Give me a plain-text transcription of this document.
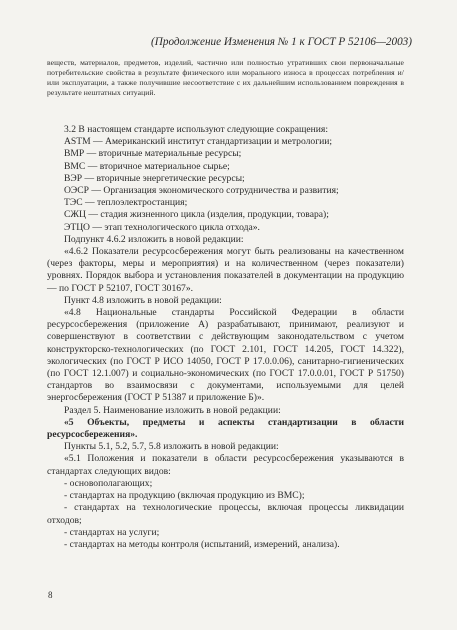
(Продолжение Изменения № 1 к ГОСТ Р 52106—2003)

веществ, материалов, предметов, изделий, частично или полностью утративших свои первоначальные потребительские свойства в результате физического или морального износа в процессах потребления и/или эксплуатации, а также получившие несоответствие с их дальнейшим использованием повреждения в результате нештатных ситуаций.

3.2 В настоящем стандарте используют следующие сокращения:

ASTM — Американский институт стандартизации и метрологии;

ВМР — вторичные материальные ресурсы;

ВМС — вторичное материальное сырье;

ВЭР — вторичные энергетические ресурсы;

ОЭСР — Организация экономического сотрудничества и развития;

ТЭС — теплоэлектростанция;

СЖЦ — стадия жизненного цикла (изделия, продукции, товара);

ЭТЦО — этап технологического цикла отхода».

Подпункт 4.6.2 изложить в новой редакции:

«4.6.2 Показатели ресурсосбережения могут быть реализованы на качественном (через факторы, меры и мероприятия) и на количественном (через показатели) уровнях. Порядок выбора и установления показателей в документации на продукцию — по ГОСТ Р 52107, ГОСТ 30167».

Пункт 4.8 изложить в новой редакции:

«4.8 Национальные стандарты Российской Федерации в области ресурсосбережения (приложение А) разрабатывают, принимают, реализуют и совершенствуют в соответствии с действующим законодательством с учетом конструкторско-технологических (по ГОСТ 2.101, ГОСТ 14.205, ГОСТ 14.322), экологических (по ГОСТ Р ИСО 14050, ГОСТ Р 17.0.0.06), санитарно-гигиенических (по ГОСТ 12.1.007) и социально-экономических (по ГОСТ 17.0.0.01, ГОСТ Р 51750) стандартов во взаимосвязи с документами, используемыми для целей энергосбережения (ГОСТ Р 51387 и приложение Б)».

Раздел 5. Наименование изложить в новой редакции:

«5 Объекты, предметы и аспекты стандартизации в области ресурсосбережения».

Пункты 5.1, 5.2, 5.7, 5.8 изложить в новой редакции:

«5.1 Положения и показатели в области ресурсосбережения указываются в стандартах следующих видов:

- основополагающих;

- стандартах на продукцию (включая продукцию из ВМС);

- стандартах на технологические процессы, включая процессы ликвидации отходов;

- стандартах на услуги;

- стандартах на методы контроля (испытаний, измерений, анализа).

8
